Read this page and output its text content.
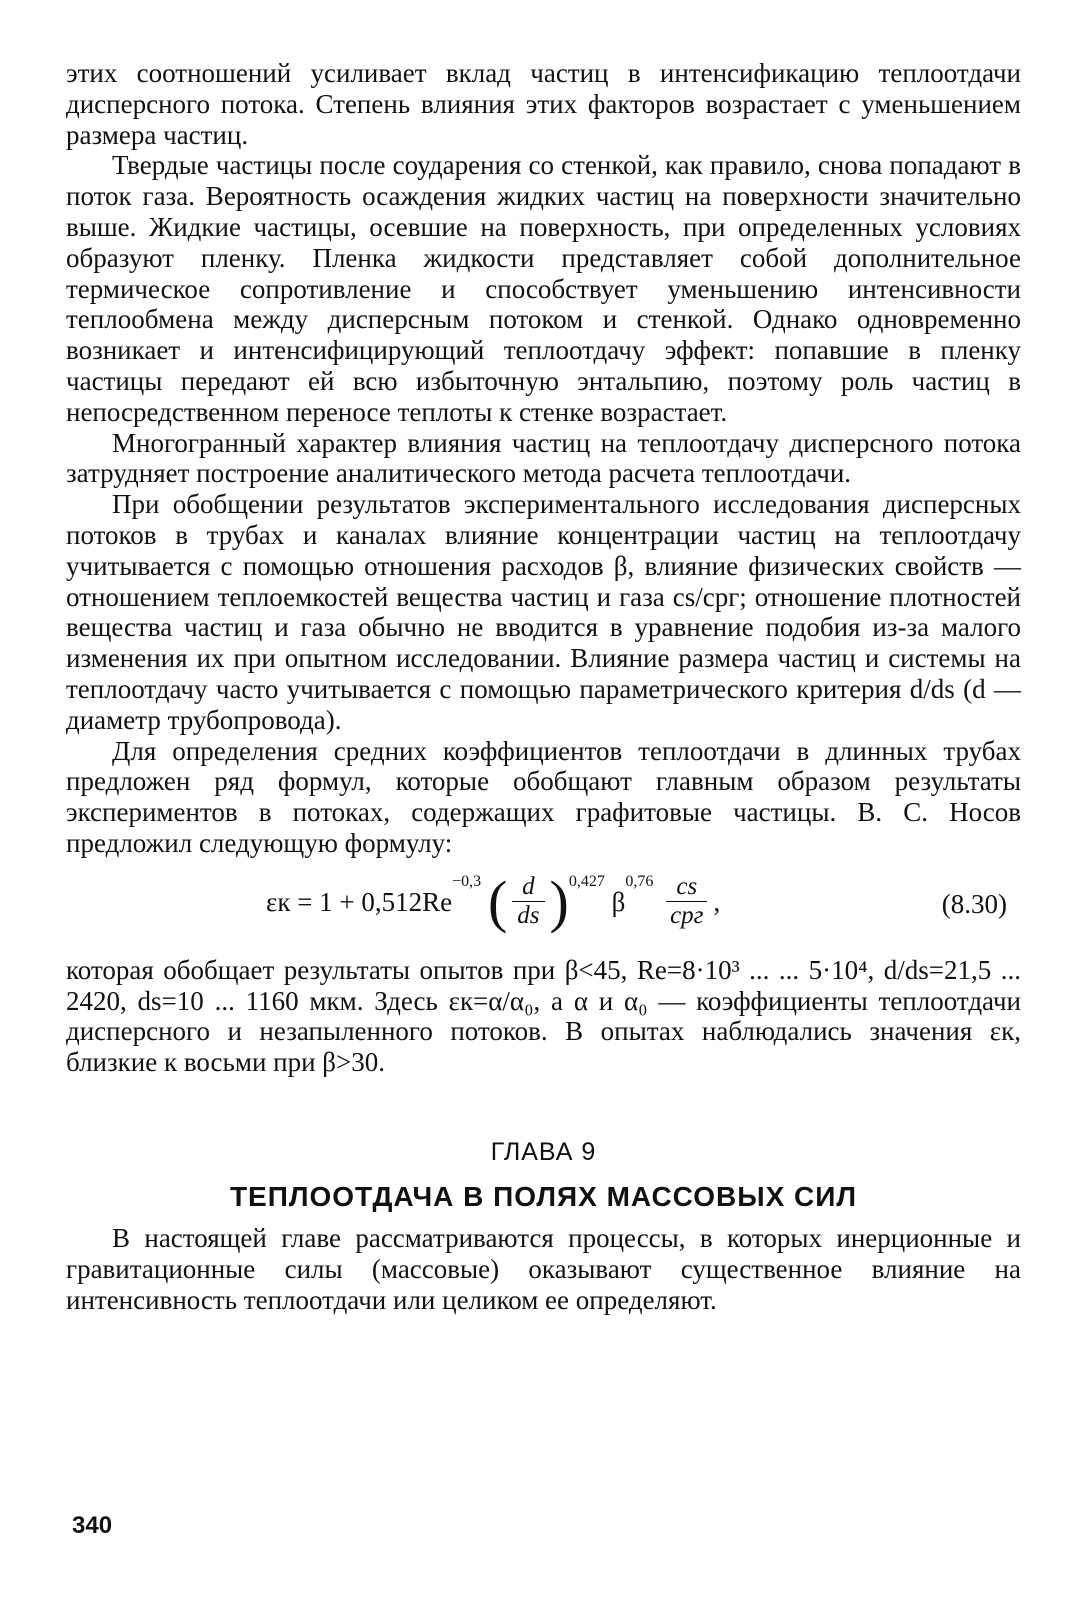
этих соотношений усиливает вклад частиц в интенсификацию теплоотдачи дисперсного потока. Степень влияния этих факторов возрастает с уменьшением размера частиц.

Твердые частицы после соударения со стенкой, как правило, снова попадают в поток газа. Вероятность осаждения жидких частиц на поверхности значительно выше. Жидкие частицы, осевшие на поверхность, при определенных условиях образуют пленку. Пленка жидкости представляет собой дополнительное термическое сопротивление и способствует уменьшению интенсивности теплообмена между дисперсным потоком и стенкой. Однако одновременно возникает и интенсифицирующий теплоотдачу эффект: попавшие в пленку частицы передают ей всю избыточную энтальпию, поэтому роль частиц в непосредственном переносе теплоты к стенке возрастает.

Многогранный характер влияния частиц на теплоотдачу дисперсного потока затрудняет построение аналитического метода расчета теплоотдачи.

При обобщении результатов экспериментального исследования дисперсных потоков в трубах и каналах влияние концентрации частиц на теплоотдачу учитывается с помощью отношения расходов β, влияние физических свойств — отношением теплоемкостей вещества частиц и газа cs/cpг; отношение плотностей вещества частиц и газа обычно не вводится в уравнение подобия из-за малого изменения их при опытном исследовании. Влияние размера частиц и системы на теплоотдачу часто учитывается с помощью параметрического критерия d/ds (d — диаметр трубопровода).

Для определения средних коэффициентов теплоотдачи в длинных трубах предложен ряд формул, которые обобщают главным образом результаты экспериментов в потоках, содержащих графитовые частицы. В. С. Носов предложил следующую формулу:

εк = 1 + 0,512Re−0,3 ( $\frac{d}{ds} )0,427$ $\beta 0,76 \frac{cs}{\text{cpг}}$ ,	(8.30)

которая обобщает результаты опытов при β<45, Re=8·10³ ... ... 5·10⁴, d/ds=21,5 ... 2420, ds=10 ... 1160 мкм. Здесь εк=α/α₀, а α и α₀ — коэффициенты теплоотдачи дисперсного и незапыленного потоков. В опытах наблюдались значения εк, близкие к восьми при β>30.

ГЛАВА 9
ТЕПЛООТДАЧА В ПОЛЯХ МАССОВЫХ СИЛ

В настоящей главе рассматриваются процессы, в которых инерционные и гравитационные силы (массовые) оказывают существенное влияние на интенсивность теплоотдачи или целиком ее определяют.

340
